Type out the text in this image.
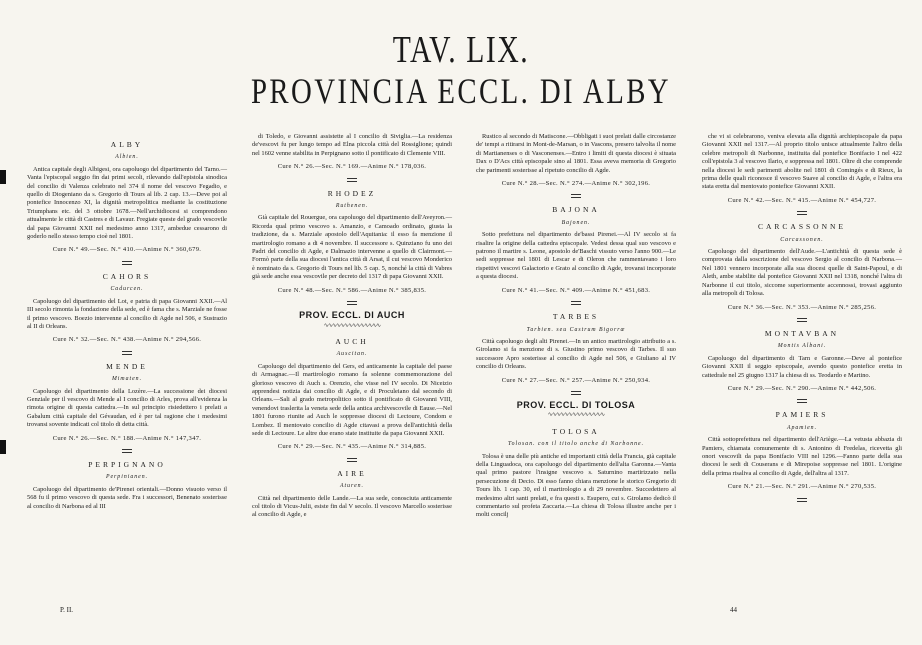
TAV. LIX.
PROVINCIA ECCL. DI ALBY
ALBY
Albien.

Antica capitale degli Albigesi, ora capoluogo del dipartimento del Tarno.—Vanta l'episcopal seggio fin dai primi secoli, rilevando dall'epistola sinodica del concilio di Valenza celebrato nel 374 il nome del vescovo Fegadio, e quello di Diogeniano da s. Gregorio di Tours al lib. 2 cap. 13.—Deve poi al pontefice Innocenzo XI, la dignità metropolitica mediante la costituzione Triumphans etc. del 3 ottobre 1678.—Nell'archidiocesi si comprendono attualmente le città di Castres e di Lavaur. Fregiate queste del grado vescovile dal papa Giovanni XXII nel medesimo anno 1317, ambedue cessarono di goderlo nello stesso tempo cioè nel 1801.

Cure N.° 49.—Sec. N.° 410.—Anime N.° 360,679.
CAHORS
Cadurcen.

Capoluogo del dipartimento del Lot, e patria di papa Giovanni XXII.—Al III secolo rimonta la fondazione della sede, ed è fama che s. Marziale ne fosse il primo vescovo. Boezio intervenne al concilio di Agde nel 506, e Sustrazio al II di Orleans.

Cure N.° 32.—Sec. N.° 438.—Anime N.° 294,566.
MENDE
Mimaten.

Capoluogo del dipartimento della Lozère.—La successione dei diocesi Genziale per il vescovo di Mende al I concilio di Arles, prova all'evidenza la rimota origine di questa cattedra.—In sul principio risiedettero i prelati a Gabalum città capitale del Gévaudan, ed è per tal ragione che i medesimi trovansi sovente indicati col titolo di detta città.

Cure N.° 26.—Sec. N.° 188.—Anime N.° 147,347.
PERPIGNANO
Perpinianen.

Capoluogo del dipartimento de'Pirenei orientali.—Donno visuoto verso il 568 fu il primo vescovo di questa sede. Fra i successori, Benenato sosterisse al concilio di Narbona ed al III

di Toledo, e Giovanni assistette al I concilio di Siviglia.—La residenza de'vescovi fu per lungo tempo ad Elna piccola città del Rossiglione; quindi nel 1602 venne stabilita in Perpignano sotto il pontificato di Clemente VIII.

Cure N.° 26.—Sec. N.° 169.—Anime N.° 178,036.
RHODEZ
Ruthenen.

Già capitale del Rouergue, ora capoluogo del dipartimento dell'Aveyron.—Ricorda qual primo vescovo s. Amanzio, e Camoado ordinato, giusta la tradizione, da s. Marziale apostolo dell'Aquitania: il esso fa menzione il martirologio romano a di 4 novembre. Il successore s. Quinziano fu uno dei Padri del concilio di Agde, e Dalmazio intervenne a quello di Clairmont.—Formò parte della sua diocesi l'antica città di Arsat, il cui vescovo Monderico è nominato da s. Gregorio di Tours nel lib. 5 cap. 5, nonché la città di Vabres già sede anche essa vescovile per decreto del 1317 di papa Giovanni XXII.

Cure N.° 48.—Sec. N.° 586.—Anime N.° 385,835.
PROV. ECCL. DI AUCH
∿∿∿∿∿∿∿∿∿∿∿∿∿∿
AUCH
Auscitan.

Capoluogo del dipartimento del Gers, ed anticamente la capitale del paese di Armagnac.—Il martirologio romano fa solenne commemorazione del glorioso vescovo di Auch s. Orenzio, che visse nel IV secolo. Di Niceizio apprendesi notizia dai concilio di Agde, e di Proculeiano dal secondo di Orleans.—Sali al grado metropolitico sotto il pontificato di Giovanni VIII, venendovi traslerita la veneta sede della antica archivescovile di Eause.—Nel 1801 furono riunite ad Auch le soppresse diocesi di Lectoure, Condom e Lombez. Il mentovato concilio di Agde citavasi a prova dell'antichità della sede di Lectoure. Le altre due erano state instituite da papa Giovanni XXII.

Cure N.° 29.—Sec. N.° 435.—Anime N.° 314,885.
AIRE
Aturen.

Città nel dipartimento delle Lande.—La sua sede, conosciuta anticamente col titolo di Vicus-Julii, esiste fin dal V secolo. Il vescovo Marcello sosterisse al concilio di Agde, e

Rustico al secondo di Matiscone.—Obbligati i suoi prelati dalle circostanze de' tempi a ritirarsi in Mont-de-Marsan, o in Vascons, presero talvolta il nome di Martianenses o di Vasconenses.—Entro i limiti di questa diocesi è situata Dax o D'Acs città episcopale sino al 1801. Essa aveva memoria di Gregorio che parimenti sosterisse al ripetuto concilio di Agde.

Cure N.° 28.—Sec. N.° 274.—Anime N.° 302,196.
BAJONA
Bajonen.

Sotto prefettura nel dipartimento de'bassi Pirenei.—Al IV secolo si fa risalire la origine della cattedra episcopale. Vedesi dessa qual suo vescovo e patrono il martire s. Leone, apostolo de'Baschi vissuto verso l'anno 900.—Le sedi soppresse nel 1801 di Lescar e di Oleron che rammentavano i loro rispettivi vescovi Galactorio e Grato al concilio di Agde, trovansi incorporate a questa diocesi.

Cure N.° 41.—Sec. N.° 409.—Anime N.° 451,683.
TARBES
Tarbien. seu Castrum Bigorræ

Città capoluogo degli alti Pirenei.—In un antico martirologio attribuito a s. Girolamo si fa menzione di s. Giustino primo vescovo di Tarbes. Il suo successore Apro sosterisse al concilio di Agde nel 506, e Giuliano al IV concilio di Orleans.

Cure N.° 27.—Sec. N.° 257.—Anime N.° 250,934.
PROV. ECCL. DI TOLOSA
∿∿∿∿∿∿∿∿∿∿∿∿∿∿
TOLOSA
Tolosan. con il titolo anche di Narbonne.

Tolosa è una delle più antiche ed importanti città della Francia, già capitale della Linguadoca, ora capoluogo del dipartimento dell'alta Garonna.—Vanta qual primo pastore l'insigne vescovo s. Saturnino martirizzato nella persecuzione di Decio. Di esso fanno chiara menzione le storico Gregorio di Tours lib. 1 cap. 30, ed il martirologio a di 29 novembre. Succedettero al medesimo altri santi prelati, e fra questi s. Esupero, cui s. Girolamo dedicò il commentario sul profeta Zaccaria.—La chiesa di Tolosa illustre anche per i molti concilj

che vi si celebrarono, veniva elevata alla dignità archiepiscopale da papa Giovanni XXII nel 1317.—Al proprio titolo unisce attualmente l'altro della celebre metropoli di Narbonne, instituita dal pontefice Bonifacio I nel 422 coll'epistola 3 al vescovo Ilario, e soppressa nel 1801. Oltre di che comprende nella diocesi le sedi parimenti abolite nel 1801 di Comingés e di Rieux, la prima delle quali riconosce il vescovo Suave al concilio di Agde, e l'altra era stata eretta dal mentovato pontefice Giovanni XXII.

Cure N.° 42.—Sec. N.° 415.—Anime N.° 454,727.
CARCASSONNE
Carcassonen.

Capoluogo del dipartimento dell'Aude.—L'antichità di questa sede è comprovata dalla soscrizione del vescovo Sergio al concilio di Narbona.—Nel 1801 vennero incorporate alla sua diocesi quelle di Saint-Papoul, e di Aleth, ambe stabilite dal pontefice Giovanni XXII nel 1318, nonché l'altra di Narbonne il cui titolo, siccome superiormente accennossi, trovasi aggiunto alla metropoli di Tolosa.

Cure N.° 36.—Sec. N.° 353.—Anime N.° 285,256.
MONTAVBAN
Montis Albani.

Capoluogo del dipartimento di Tarn e Garonne.—Deve al pontefice Giovanni XXII il seggio episcopale, avendo questo pontefice eretta in cattedrale nel 25 giugno 1317 la chiesa di ss. Teodardo e Martino.

Cure N.° 29.—Sec. N.° 290.—Anime N.° 442,506.
PAMIERS
Apamien.

Città sottoprefettura nel dipartimento dell'Ariège.—La vetusta abbazia di Pamiers, chiamata comunemente di s. Antonino di Fredelas, ricevetta gli onori vescovili da papa Bonifacio VIII nel 1296.—Fanno parte della sua diocesi le sedi di Couserans e di Mirepoise soppresse nel 1801. L'origine della prima risaliva al concilio di Agde, dell'altra al 1317.

Cure N.° 21.—Sec. N.° 291.—Anime N.° 270,535.
P. II.	44
